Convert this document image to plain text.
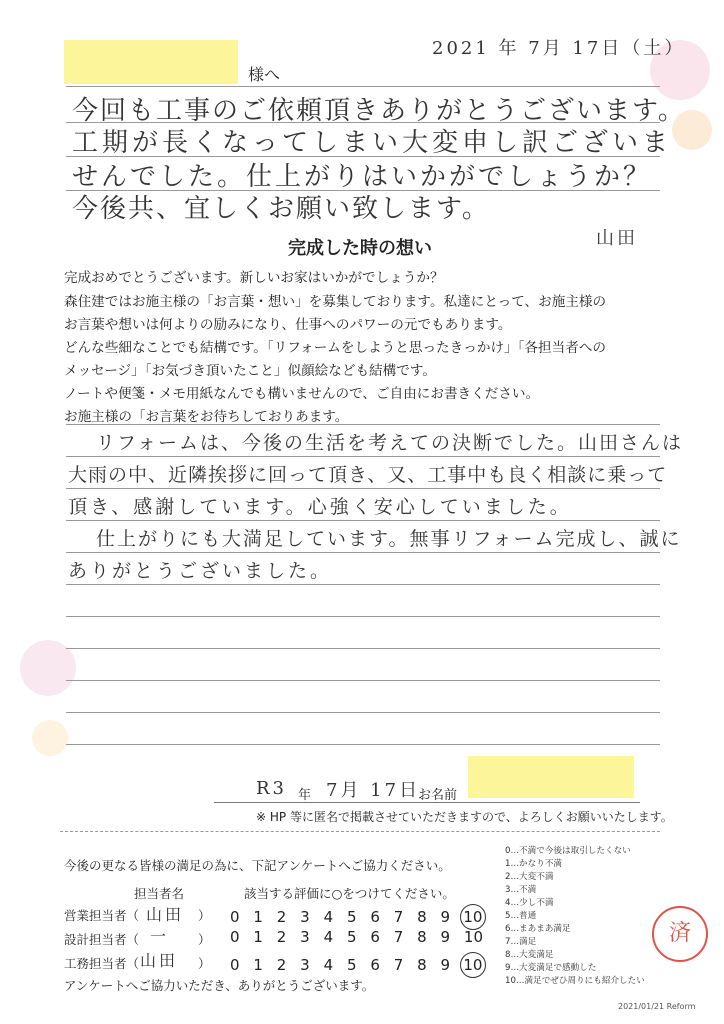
2021 年 7月 17日（土）
様へ
今回も工事のご依頼頂きありがとうございます。
工期が長くなってしまい大変申し訳ございま
せんでした。仕上がりはいかがでしょうか？
今後共、宜しくお願い致します。
山田
完成した時の想い
完成おめでとうございます。新しいお家はいかがでしょうか？
森住建ではお施主様の「お言葉・想い」を募集しております。私達にとって、お施主様の
お言葉や想いは何よりの励みになり、仕事へのパワーの元でもあります。
どんな些細なことでも結構です。「リフォームをしようと思ったきっかけ」「各担当者への
メッセージ」「お気づき頂いたこと」似顔絵なども結構です。
ノートや便箋・メモ用紙なんでも構いませんので、ご自由にお書きください。
お施主様の「お言葉をお待ちしておりあます。
リフォームは、今後の生活を考えての決断でした。山田さんは
大雨の中、近隣挨拶に回って頂き、又、工事中も良く相談に乗って
頂き、感謝しています。心強く安心していました。
仕上がりにも大満足しています。無事リフォーム完成し、誠に
ありがとうございました。
R3 年 7月 17日
お名前
※ HP 等に匿名で掲載させていただきますので、よろしくお願いいたします。
今後の更なる皆様の満足の為に、下記アンケートへご協力ください。
担当者名	該当する評価に○をつけてください。
営業担当者（ 山田 ） 0 1 2 3 4 5 6 7 8 9 10
設計担当者（ 一 ） 0 1 2 3 4 5 6 7 8 9 10
工務担当者（ 山田 ） 0 1 2 3 4 5 6 7 8 9 10
アンケートへご協力いただき、ありがとうございます。
0…不満で今後は取引したくない
1…かなり不満
2…大変不満
3…不満
4…少し不満
5…普通
6…まあまあ満足
7…満足
8…大変満足
9…大変満足で感動した
10…満足でぜひ周りにも紹介したい
済
2021/01/21 Reform
